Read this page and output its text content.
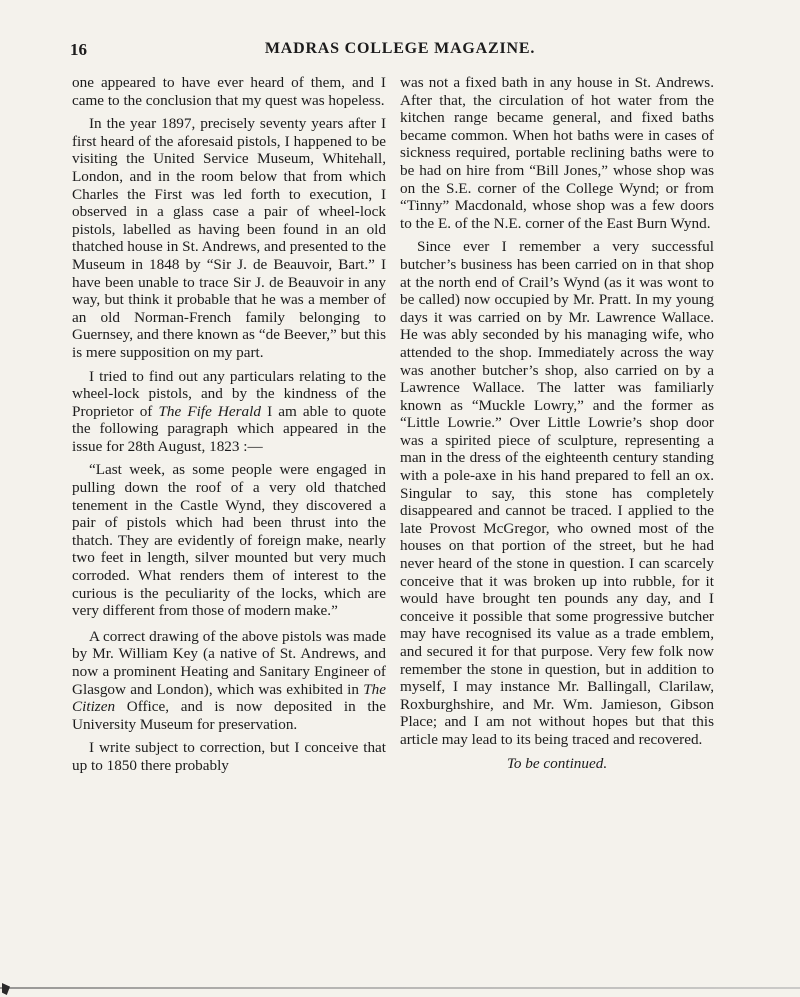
16	MADRAS COLLEGE MAGAZINE.

one appeared to have ever heard of them, and I came to the conclusion that my quest was hopeless.

In the year 1897, precisely seventy years after I first heard of the aforesaid pistols, I happened to be visiting the United Service Museum, Whitehall, London, and in the room below that from which Charles the First was led forth to execution, I observed in a glass case a pair of wheel-lock pistols, labelled as having been found in an old thatched house in St. Andrews, and presented to the Museum in 1848 by “Sir J. de Beauvoir, Bart.” I have been unable to trace Sir J. de Beauvoir in any way, but think it probable that he was a member of an old Norman-French family belonging to Guernsey, and there known as “de Beever,” but this is mere supposition on my part.

I tried to find out any particulars relating to the wheel-lock pistols, and by the kindness of the Proprietor of The Fife Herald I am able to quote the following paragraph which appeared in the issue for 28th August, 1823 :—

“Last week, as some people were engaged in pulling down the roof of a very old thatched tenement in the Castle Wynd, they discovered a pair of pistols which had been thrust into the thatch. They are evidently of foreign make, nearly two feet in length, silver mounted but very much corroded. What renders them of interest to the curious is the peculiarity of the locks, which are very different from those of modern make.”

A correct drawing of the above pistols was made by Mr. William Key (a native of St. Andrews, and now a prominent Heating and Sanitary Engineer of Glasgow and London), which was exhibited in The Citizen Office, and is now deposited in the University Museum for preservation.

I write subject to correction, but I conceive that up to 1850 there probably

was not a fixed bath in any house in St. Andrews. After that, the circulation of hot water from the kitchen range became general, and fixed baths became common. When hot baths were in cases of sickness required, portable reclining baths were to be had on hire from “Bill Jones,” whose shop was on the S.E. corner of the College Wynd; or from “Tinny” Macdonald, whose shop was a few doors to the E. of the N.E. corner of the East Burn Wynd.

Since ever I remember a very successful butcher’s business has been carried on in that shop at the north end of Crail’s Wynd (as it was wont to be called) now occupied by Mr. Pratt. In my young days it was carried on by Mr. Lawrence Wallace. He was ably seconded by his managing wife, who attended to the shop. Immediately across the way was another butcher’s shop, also carried on by a Lawrence Wallace. The latter was familiarly known as “Muckle Lowry,” and the former as “Little Lowrie.” Over Little Lowrie’s shop door was a spirited piece of sculpture, representing a man in the dress of the eighteenth century standing with a pole-axe in his hand prepared to fell an ox. Singular to say, this stone has completely disappeared and cannot be traced. I applied to the late Provost McGregor, who owned most of the houses on that portion of the street, but he had never heard of the stone in question. I can scarcely conceive that it was broken up into rubble, for it would have brought ten pounds any day, and I conceive it possible that some progressive butcher may have recognised its value as a trade emblem, and secured it for that purpose. Very few folk now remember the stone in question, but in addition to myself, I may instance Mr. Ballingall, Clarilaw, Roxburghshire, and Mr. Wm. Jamieson, Gibson Place; and I am not without hopes but that this article may lead to its being traced and recovered.

To be continued.
